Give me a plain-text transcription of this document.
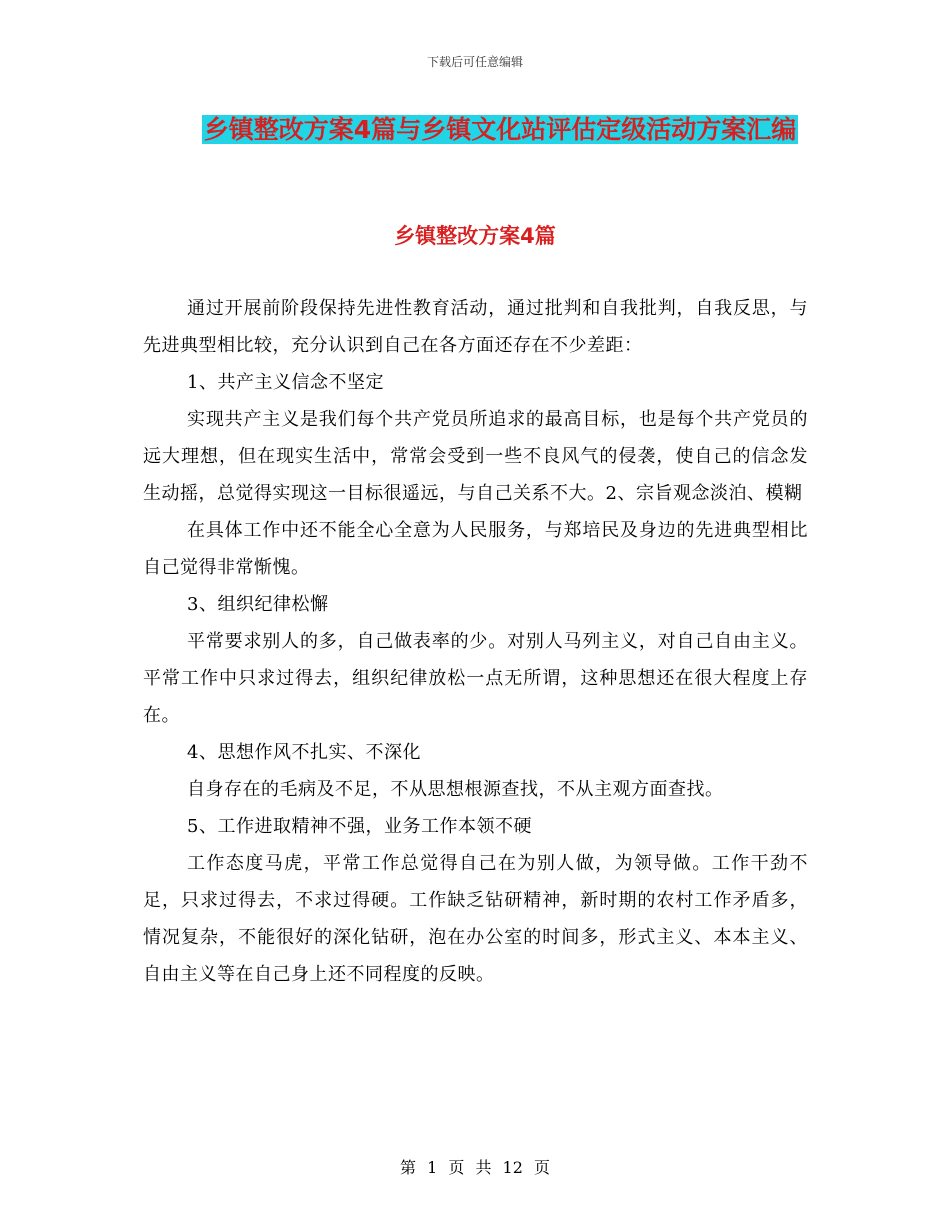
下载后可任意编辑
乡镇整改方案4篇与乡镇文化站评估定级活动方案汇编
乡镇整改方案4篇

通过开展前阶段保持先进性教育活动，通过批判和自我批判，自我反思，与先进典型相比较，充分认识到自己在各方面还存在不少差距：

1、共产主义信念不坚定

实现共产主义是我们每个共产党员所追求的最高目标，也是每个共产党员的远大理想，但在现实生活中，常常会受到一些不良风气的侵袭，使自己的信念发生动摇，总觉得实现这一目标很遥远，与自己关系不大。2、宗旨观念淡泊、模糊

在具体工作中还不能全心全意为人民服务，与郑培民及身边的先进典型相比自己觉得非常惭愧。

3、组织纪律松懈

平常要求别人的多，自己做表率的少。对别人马列主义，对自己自由主义。平常工作中只求过得去，组织纪律放松一点无所谓，这种思想还在很大程度上存在。

4、思想作风不扎实、不深化

自身存在的毛病及不足，不从思想根源查找，不从主观方面查找。

5、工作进取精神不强，业务工作本领不硬

工作态度马虎，平常工作总觉得自己在为别人做，为领导做。工作干劲不足，只求过得去，不求过得硬。工作缺乏钻研精神，新时期的农村工作矛盾多，情况复杂，不能很好的深化钻研，泡在办公室的时间多，形式主义、本本主义、自由主义等在自己身上还不同程度的反映。

第 1 页 共 12 页
